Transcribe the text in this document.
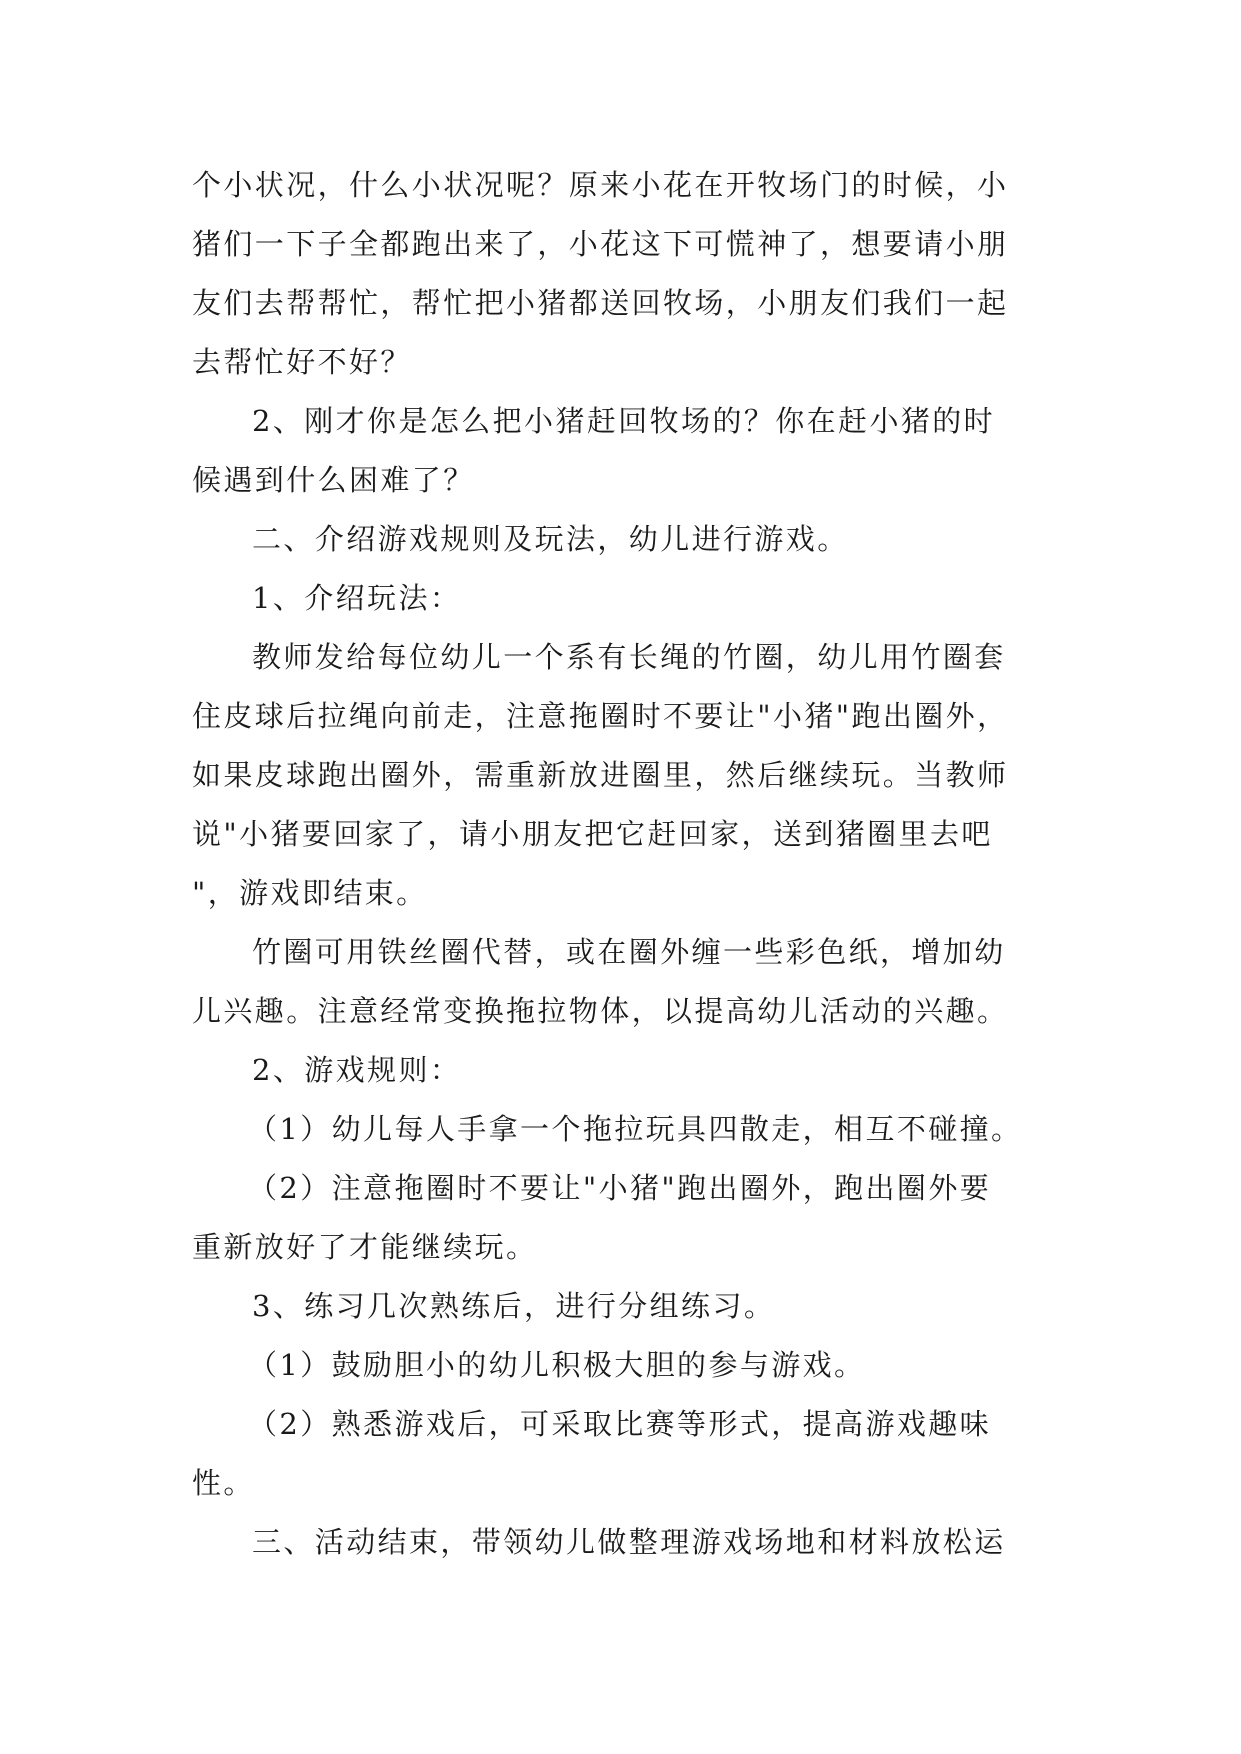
个小状况，什么小状况呢？原来小花在开牧场门的时候，小
猪们一下子全都跑出来了，小花这下可慌神了，想要请小朋
友们去帮帮忙，帮忙把小猪都送回牧场，小朋友们我们一起
去帮忙好不好？
2、刚才你是怎么把小猪赶回牧场的？你在赶小猪的时
候遇到什么困难了？
二、介绍游戏规则及玩法，幼儿进行游戏。
1、介绍玩法：
教师发给每位幼儿一个系有长绳的竹圈，幼儿用竹圈套
住皮球后拉绳向前走，注意拖圈时不要让"小猪"跑出圈外，
如果皮球跑出圈外，需重新放进圈里，然后继续玩。当教师
说"小猪要回家了，请小朋友把它赶回家，送到猪圈里去吧
"，游戏即结束。
竹圈可用铁丝圈代替，或在圈外缠一些彩色纸，增加幼
儿兴趣。注意经常变换拖拉物体，以提高幼儿活动的兴趣。
2、游戏规则：
（1）幼儿每人手拿一个拖拉玩具四散走，相互不碰撞。
（2）注意拖圈时不要让"小猪"跑出圈外，跑出圈外要
重新放好了才能继续玩。
3、练习几次熟练后，进行分组练习。
（1）鼓励胆小的幼儿积极大胆的参与游戏。
（2）熟悉游戏后，可采取比赛等形式，提高游戏趣味
性。
三、活动结束，带领幼儿做整理游戏场地和材料放松运
